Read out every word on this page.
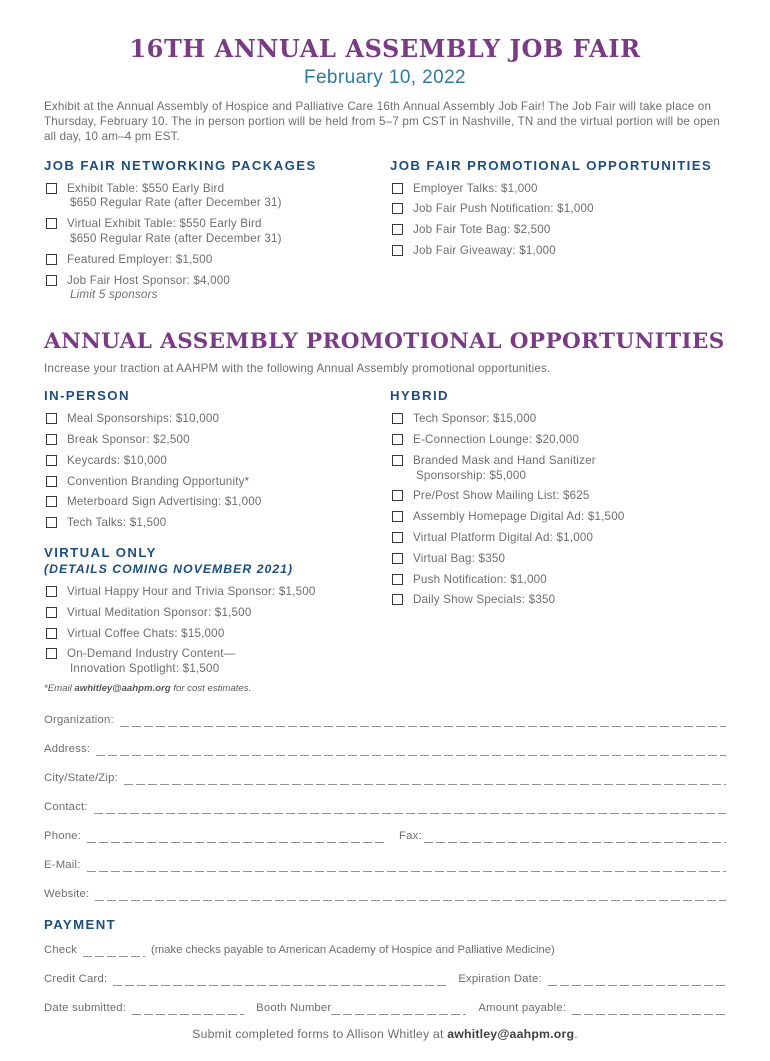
16TH ANNUAL ASSEMBLY JOB FAIR
February 10, 2022
Exhibit at the Annual Assembly of Hospice and Palliative Care 16th Annual Assembly Job Fair! The Job Fair will take place on Thursday, February 10. The in person portion will be held from 5–7 pm CST in Nashville, TN and the virtual portion will be open all day, 10 am–4 pm EST.
JOB FAIR NETWORKING PACKAGES
Exhibit Table: $550 Early Bird
$650 Regular Rate (after December 31)
Virtual Exhibit Table: $550 Early Bird
$650 Regular Rate (after December 31)
Featured Employer: $1,500
Job Fair Host Sponsor: $4,000
Limit 5 sponsors
JOB FAIR PROMOTIONAL OPPORTUNITIES
Employer Talks: $1,000
Job Fair Push Notification: $1,000
Job Fair Tote Bag: $2,500
Job Fair Giveaway: $1,000
ANNUAL ASSEMBLY PROMOTIONAL OPPORTUNITIES
Increase your traction at AAHPM with the following Annual Assembly promotional opportunities.
IN-PERSON
Meal Sponsorships: $10,000
Break Sponsor: $2,500
Keycards: $10,000
Convention Branding Opportunity*
Meterboard Sign Advertising: $1,000
Tech Talks: $1,500
VIRTUAL ONLY
(DETAILS COMING NOVEMBER 2021)
Virtual Happy Hour and Trivia Sponsor: $1,500
Virtual Meditation Sponsor: $1,500
Virtual Coffee Chats: $15,000
On-Demand Industry Content—
Innovation Spotlight: $1,500
*Email awhitley@aahpm.org for cost estimates.
HYBRID
Tech Sponsor: $15,000
E-Connection Lounge: $20,000
Branded Mask and Hand Sanitizer
Sponsorship: $5,000
Pre/Post Show Mailing List: $625
Assembly Homepage Digital Ad: $1,500
Virtual Platform Digital Ad: $1,000
Virtual Bag: $350
Push Notification: $1,000
Daily Show Specials: $350
Organization:
Address:
City/State/Zip:
Contact:
Phone:	Fax:
E-Mail:
Website:
PAYMENT
Check	(make checks payable to American Academy of Hospice and Palliative Medicine)
Credit Card:	Expiration Date:
Date submitted:	Booth Number	Amount payable:
Submit completed forms to Allison Whitley at awhitley@aahpm.org.
